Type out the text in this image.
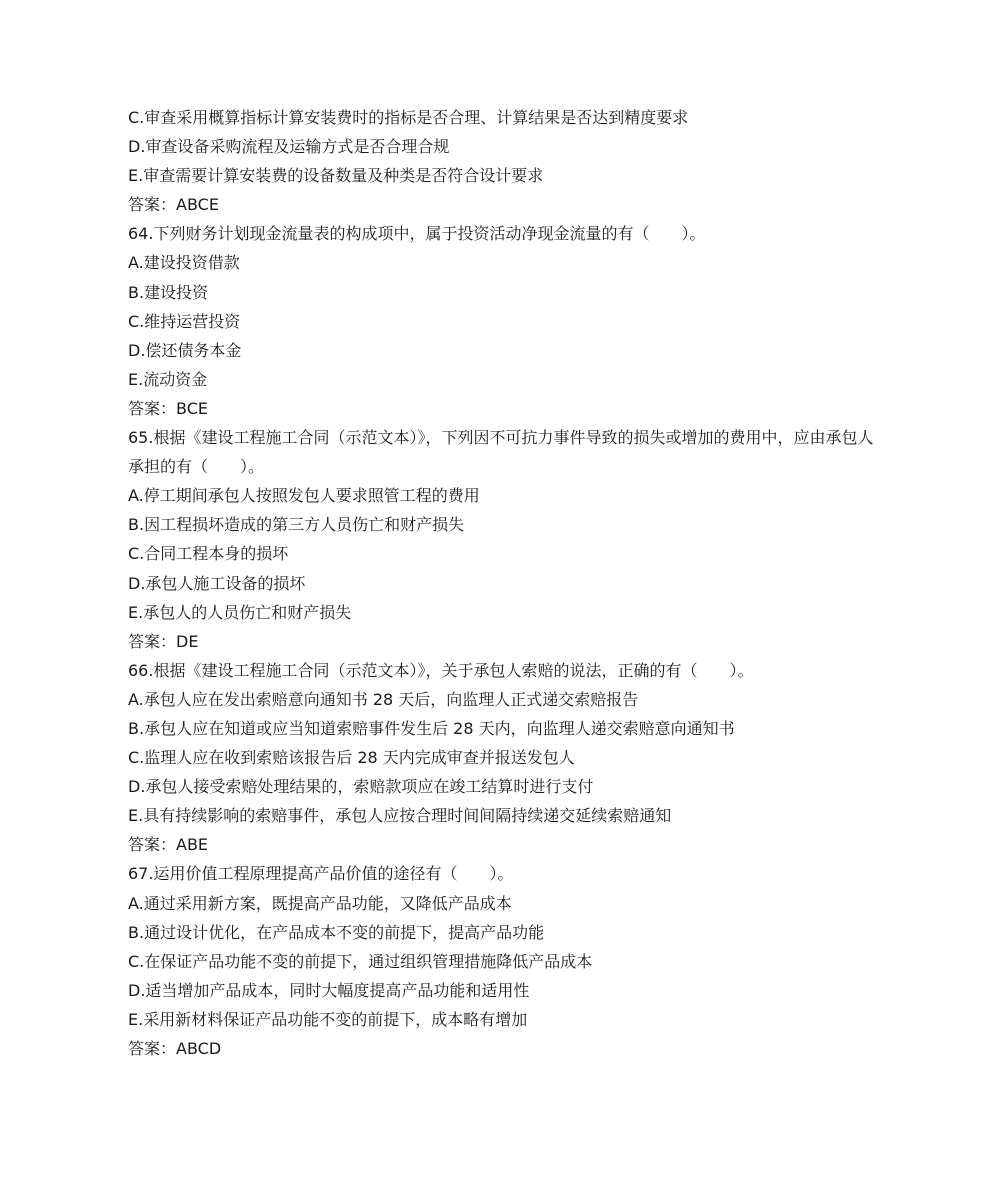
C.审查采用概算指标计算安装费时的指标是否合理、计算结果是否达到精度要求
D.审查设备采购流程及运输方式是否合理合规
E.审查需要计算安装费的设备数量及种类是否符合设计要求
答案：ABCE
64.下列财务计划现金流量表的构成项中，属于投资活动净现金流量的有（　　）。
A.建设投资借款
B.建设投资
C.维持运营投资
D.偿还债务本金
E.流动资金
答案：BCE
65.根据《建设工程施工合同（示范文本）》，下列因不可抗力事件导致的损失或增加的费用中，应由承包人承担的有（　　）。
A.停工期间承包人按照发包人要求照管工程的费用
B.因工程损坏造成的第三方人员伤亡和财产损失
C.合同工程本身的损坏
D.承包人施工设备的损坏
E.承包人的人员伤亡和财产损失
答案：DE
66.根据《建设工程施工合同（示范文本）》，关于承包人索赔的说法，正确的有（　　）。
A.承包人应在发出索赔意向通知书 28 天后，向监理人正式递交索赔报告
B.承包人应在知道或应当知道索赔事件发生后 28 天内，向监理人递交索赔意向通知书
C.监理人应在收到索赔该报告后 28 天内完成审查并报送发包人
D.承包人接受索赔处理结果的，索赔款项应在竣工结算时进行支付
E.具有持续影响的索赔事件，承包人应按合理时间间隔持续递交延续索赔通知
答案：ABE
67.运用价值工程原理提高产品价值的途径有（　　）。
A.通过采用新方案，既提高产品功能，又降低产品成本
B.通过设计优化，在产品成本不变的前提下，提高产品功能
C.在保证产品功能不变的前提下，通过组织管理措施降低产品成本
D.适当增加产品成本，同时大幅度提高产品功能和适用性
E.采用新材料保证产品功能不变的前提下，成本略有增加
答案：ABCD
